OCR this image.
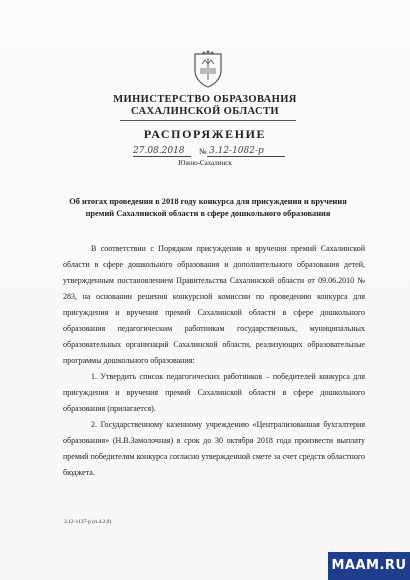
МИНИСТЕРСТВО ОБРАЗОВАНИЯ
САХАЛИНСКОЙ ОБЛАСТИ
РАСПОРЯЖЕНИЕ
27.08.2018 № 3.12-1082-р
Южно-Сахалинск
Об итогах проведения в 2018 году конкурса для присуждения и вручения премий Сахалинской области в сфере дошкольного образования

В соответствии с Порядком присуждения и вручения премий Сахалинской области в сфере дошкольного образования и дополнительного образования детей, утвержденным постановлением Правительства Сахалинской области от 09.06.2010 № 283, на основании решения конкурсной комиссии по проведению конкурса для присуждения и вручения премий Сахалинской области в сфере дошкольного образования педагогическим работникам государственных, муниципальных образовательных организаций Сахалинской области, реализующих образовательные программы дошкольного образования:

1. Утвердить список педагогических работников – победителей конкурса для присуждения и вручения премий Сахалинской области в сфере дошкольного образования (прилагается).

2. Государственному казенному учреждению «Централизованная бухгалтерия образования» (Н.В.Замолочная) в срок до 30 октября 2018 года произвести выплату премий победителям конкурса согласно утвержденной смете за счет средств областного бюджета.

3.12-1137-р (п.4.2.0)
MAAM.RU
